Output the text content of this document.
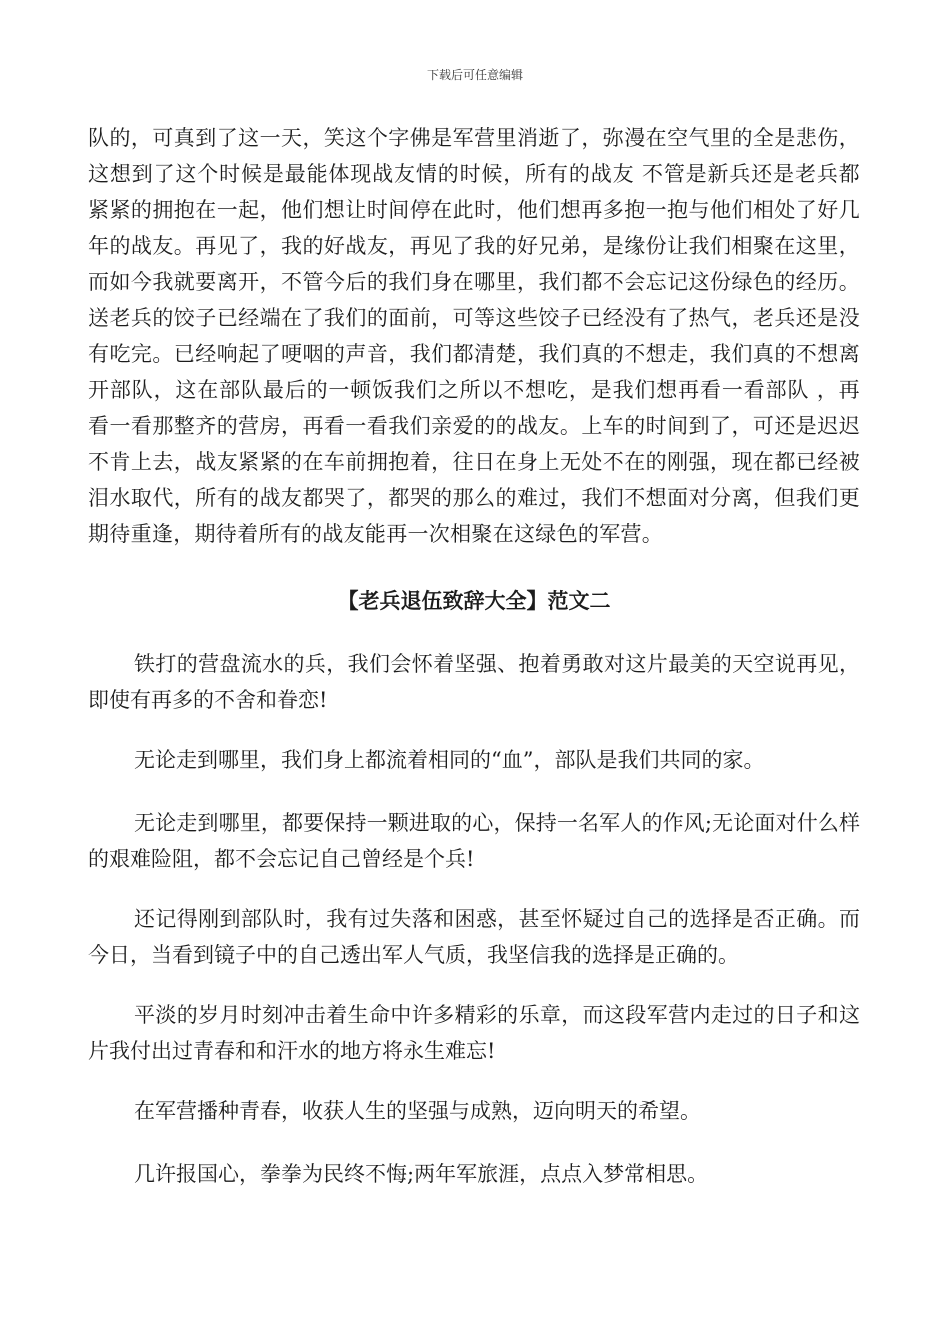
下载后可任意编辑

队的，可真到了这一天，笑这个字佛是军营里消逝了，弥漫在空气里的全是悲伤，这想到了这个时候是最能体现战友情的时候，所有的战友 不管是新兵还是老兵都紧紧的拥抱在一起，他们想让时间停在此时，他们想再多抱一抱与他们相处了好几年的战友。再见了，我的好战友，再见了我的好兄弟，是缘份让我们相聚在这里，而如今我就要离开，不管今后的我们身在哪里，我们都不会忘记这份绿色的经历。送老兵的饺子已经端在了我们的面前，可等这些饺子已经没有了热气，老兵还是没有吃完。已经响起了哽咽的声音，我们都清楚，我们真的不想走，我们真的不想离开部队，这在部队最后的一顿饭我们之所以不想吃，是我们想再看一看部队 ，再看一看那整齐的营房，再看一看我们亲爱的的战友。上车的时间到了，可还是迟迟不肯上去，战友紧紧的在车前拥抱着，往日在身上无处不在的刚强，现在都已经被泪水取代，所有的战友都哭了，都哭的那么的难过，我们不想面对分离，但我们更期待重逢，期待着所有的战友能再一次相聚在这绿色的军营。

【老兵退伍致辞大全】范文二

铁打的营盘流水的兵，我们会怀着坚强、抱着勇敢对这片最美的天空说再见，即使有再多的不舍和眷恋!

无论走到哪里，我们身上都流着相同的“血”，部队是我们共同的家。

无论走到哪里，都要保持一颗进取的心，保持一名军人的作风;无论面对什么样的艰难险阻，都不会忘记自己曾经是个兵!

还记得刚到部队时，我有过失落和困惑，甚至怀疑过自己的选择是否正确。而今日，当看到镜子中的自己透出军人气质，我坚信我的选择是正确的。

平淡的岁月时刻冲击着生命中许多精彩的乐章，而这段军营内走过的日子和这片我付出过青春和和汗水的地方将永生难忘!

在军营播种青春，收获人生的坚强与成熟，迈向明天的希望。

几许报国心，拳拳为民终不悔;两年军旅涯，点点入梦常相思。
